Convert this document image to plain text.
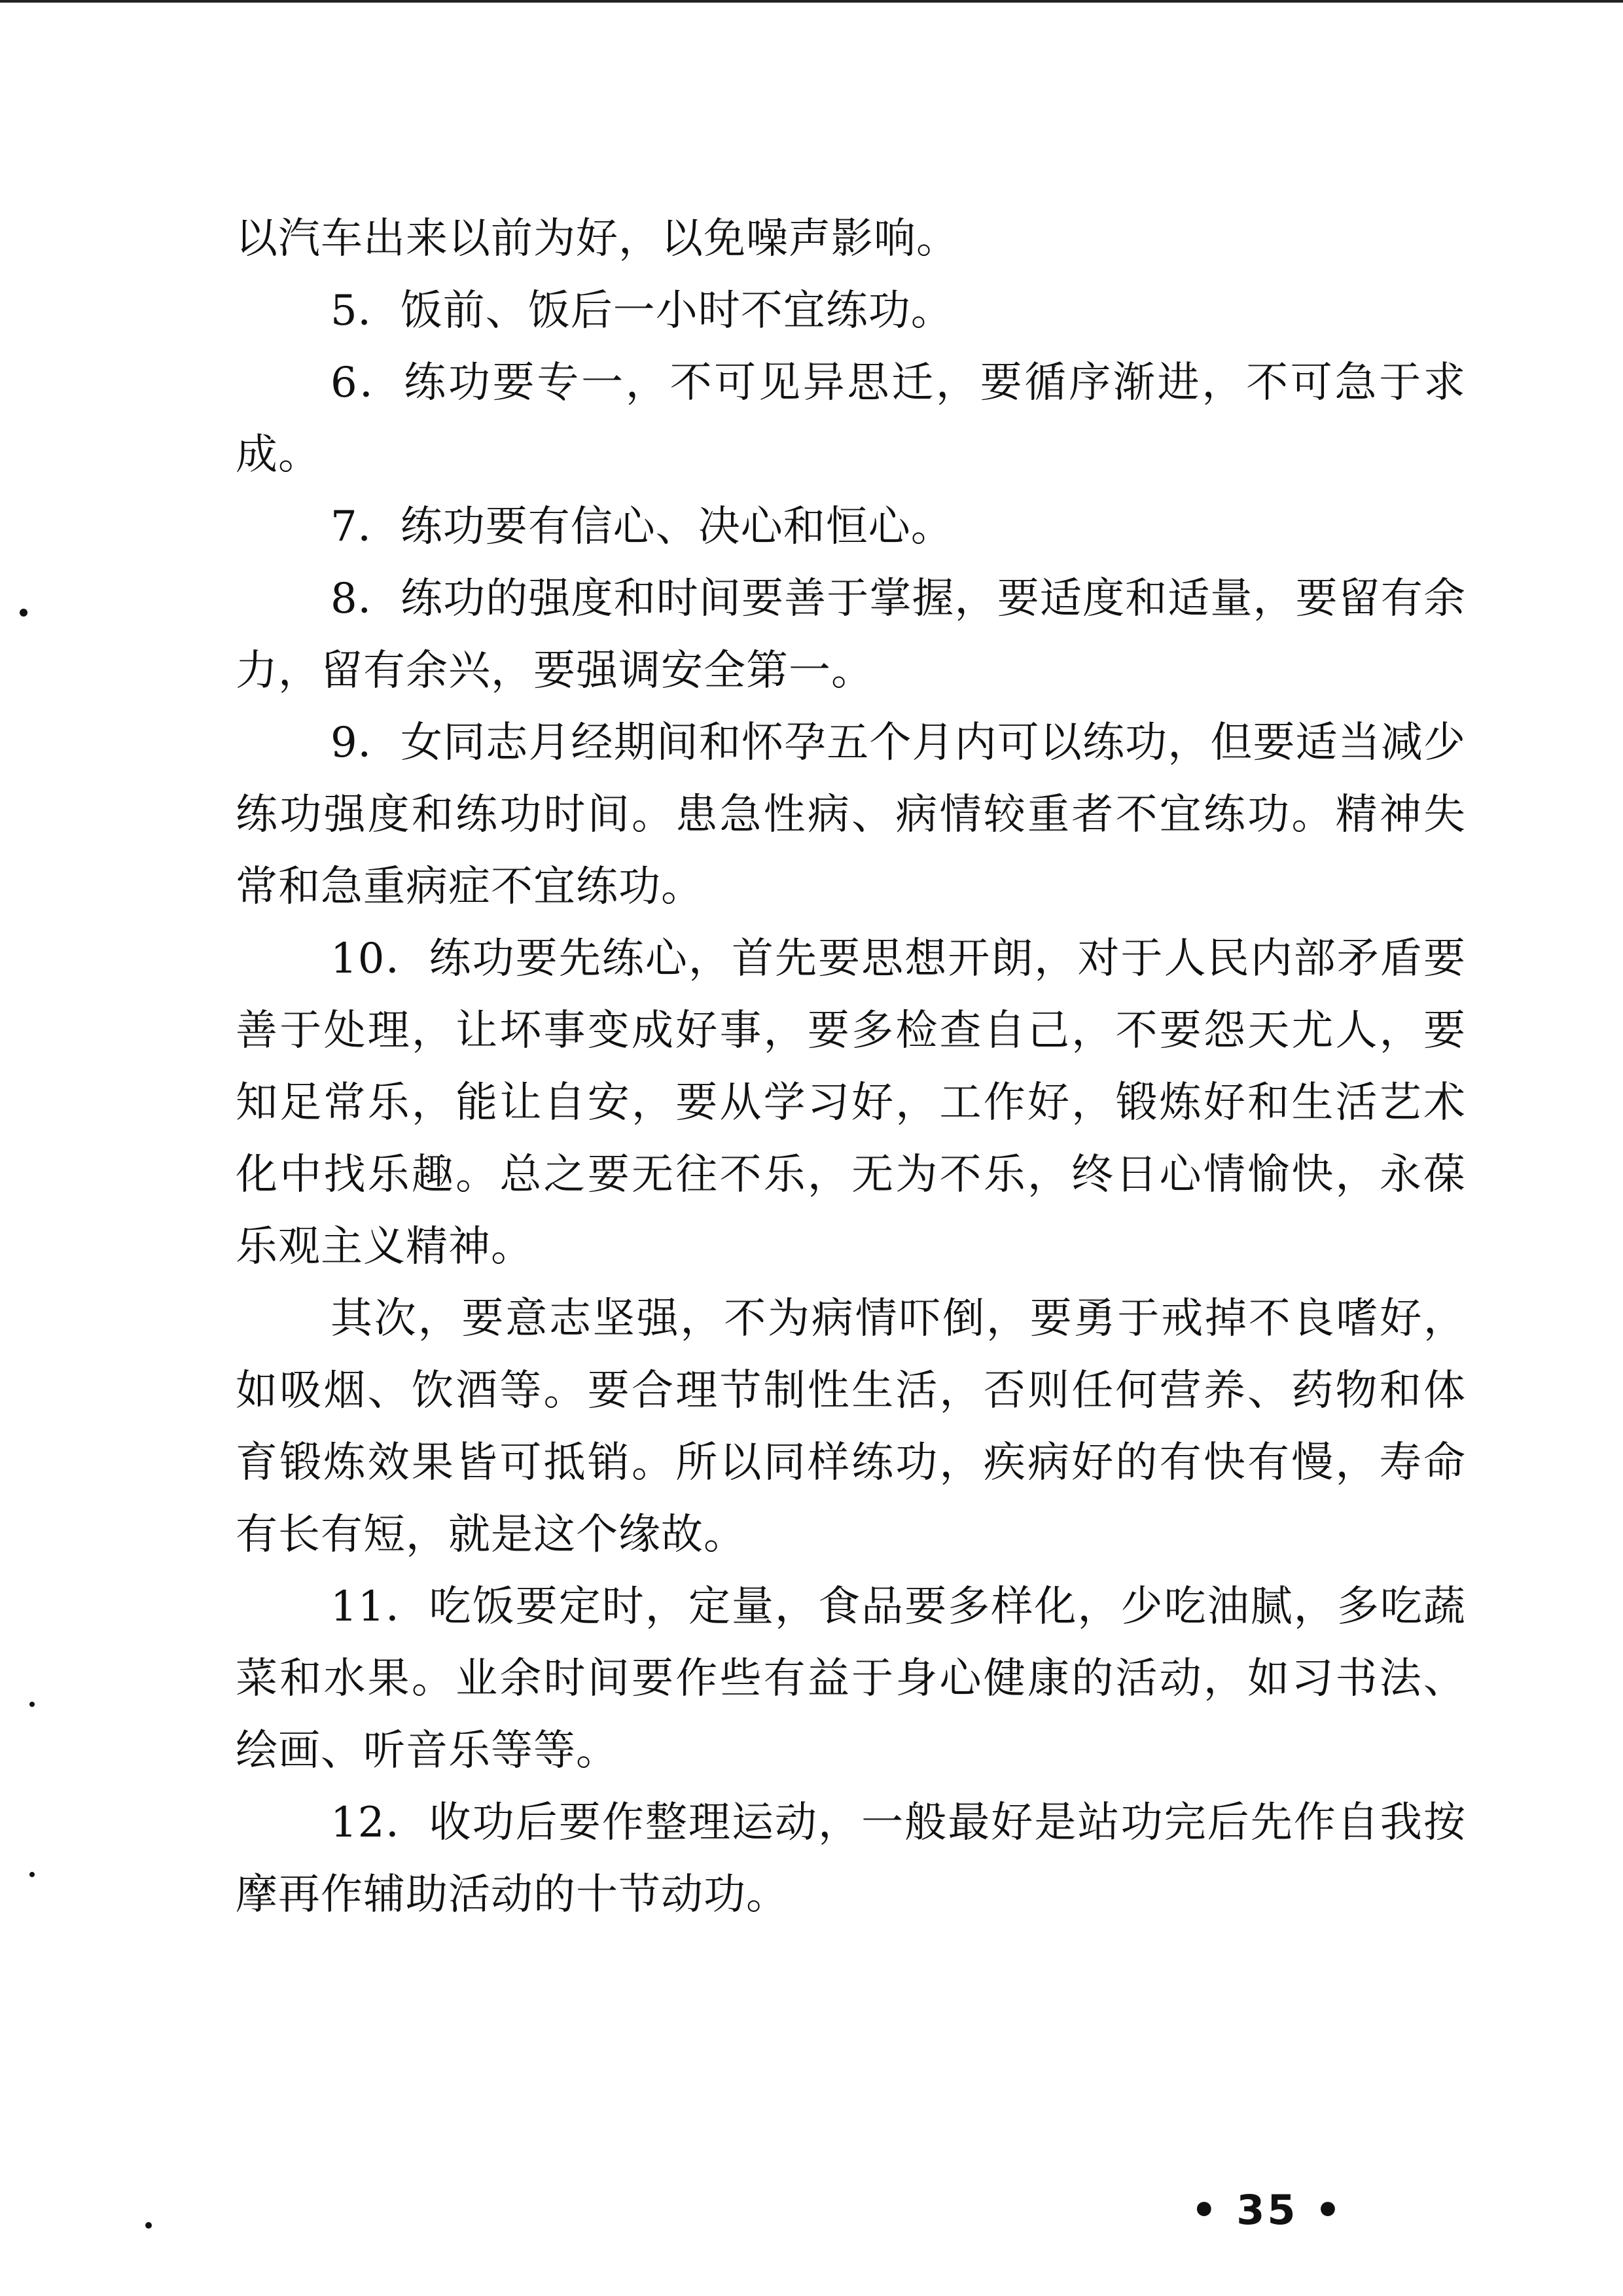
以汽车出来以前为好，以免噪声影响。

5．饭前、饭后一小时不宜练功。

6．练功要专一，不可见异思迁，要循序渐进，不可急于求成。

7．练功要有信心、决心和恒心。

8．练功的强度和时间要善于掌握，要适度和适量，要留有余力，留有余兴，要强调安全第一。

9．女同志月经期间和怀孕五个月内可以练功，但要适当减少练功强度和练功时间。患急性病、病情较重者不宜练功。精神失常和急重病症不宜练功。

10．练功要先练心，首先要思想开朗，对于人民内部矛盾要善于处理，让坏事变成好事，要多检查自己，不要怨天尤人，要知足常乐，能让自安，要从学习好，工作好，锻炼好和生活艺术化中找乐趣。总之要无往不乐，无为不乐，终日心情愉快，永葆乐观主义精神。

其次，要意志坚强，不为病情吓倒，要勇于戒掉不良嗜好，如吸烟、饮酒等。要合理节制性生活，否则任何营养、药物和体育锻炼效果皆可抵销。所以同样练功，疾病好的有快有慢，寿命有长有短，就是这个缘故。

11．吃饭要定时，定量，食品要多样化，少吃油腻，多吃蔬菜和水果。业余时间要作些有益于身心健康的活动，如习书法、绘画、听音乐等等。

12．收功后要作整理运动，一般最好是站功完后先作自我按摩再作辅助活动的十节动功。

• 35 •
